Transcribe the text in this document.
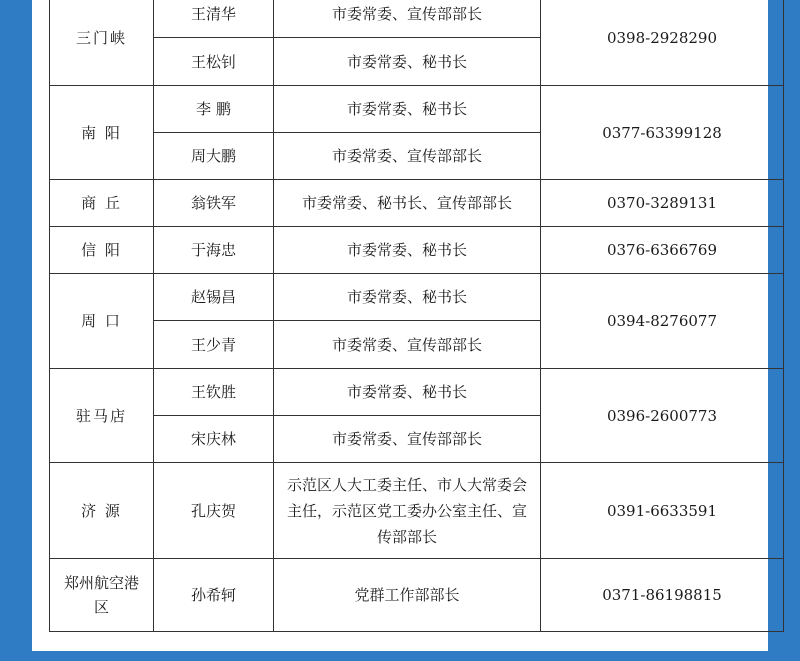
三门峡	王清华	市委常委、宣传部部长	0398-2928290
	王松钊	市委常委、秘书长	
南 阳	李 鹏	市委常委、秘书长	0377-63399128
	周大鹏	市委常委、宣传部部长	
商 丘	翁铁军	市委常委、秘书长、宣传部部长	0370-3289131
信 阳	于海忠	市委常委、秘书长	0376-6366769
周 口	赵锡昌	市委常委、秘书长	0394-8276077
	王少青	市委常委、宣传部部长	
驻马店	王钦胜	市委常委、秘书长	0396-2600773
	宋庆林	市委常委、宣传部部长	
济 源	孔庆贺	示范区人大工委主任、市人大常委会主任，示范区党工委办公室主任、宣传部部长	0391-6633591
郑州航空港区	孙希轲	党群工作部部长	0371-86198815
